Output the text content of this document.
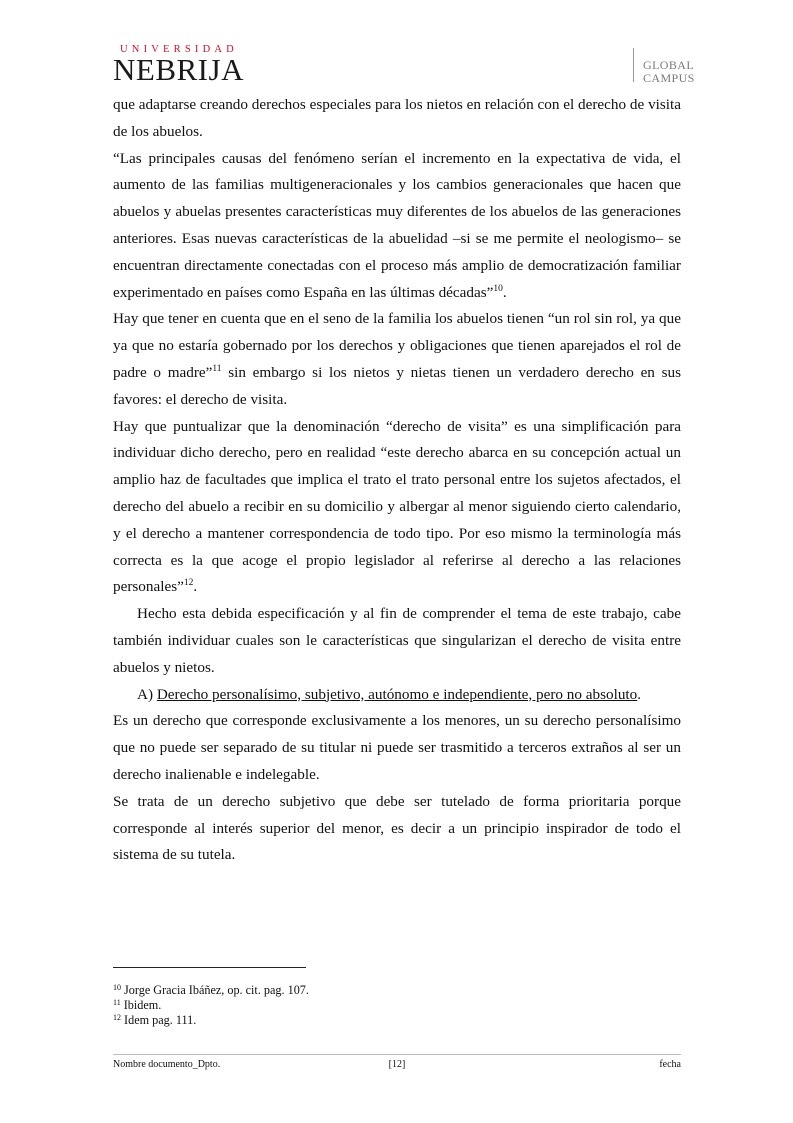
UNIVERSIDAD
NEBRIJA	GLOBAL
CAMPUS

que adaptarse creando derechos especiales para los nietos en relación con el derecho de visita de los abuelos.

“Las principales causas del fenómeno serían el incremento en la expectativa de vida, el aumento de las familias multigeneracionales y los cambios generacionales que hacen que abuelos y abuelas presentes características muy diferentes de los abuelos de las generaciones anteriores. Esas nuevas características de la abuelidad –si se me permite el neologismo– se encuentran directamente conectadas con el proceso más amplio de democratización familiar experimentado en países como España en las últimas décadas”$^{10}$.

Hay que tener en cuenta que en el seno de la familia los abuelos tienen “un rol sin rol, ya que ya que no estaría gobernado por los derechos y obligaciones que tienen aparejados el rol de padre o madre”$^{11}$ sin embargo si los nietos y nietas tienen un verdadero derecho en sus favores: el derecho de visita.

Hay que puntualizar que la denominación “derecho de visita” es una simplificación para individuar dicho derecho, pero en realidad “este derecho abarca en su concepción actual un amplio haz de facultades que implica el trato el trato personal entre los sujetos afectados, el derecho del abuelo a recibir en su domicilio y albergar al menor siguiendo cierto calendario, y el derecho a mantener correspondencia de todo tipo. Por eso mismo la terminología más correcta es la que acoge el propio legislador al referirse al derecho a las relaciones personales”$^{12}$.

Hecho esta debida especificación y al fin de comprender el tema de este trabajo, cabe también individuar cuales son le características que singularizan el derecho de visita entre abuelos y nietos.

A) Derecho personalísimo, subjetivo, autónomo e independiente, pero no absoluto.

Es un derecho que corresponde exclusivamente a los menores, un su derecho personalísimo que no puede ser separado de su titular ni puede ser trasmitido a terceros extraños al ser un derecho inalienable e indelegable.

Se trata de un derecho subjetivo que debe ser tutelado de forma prioritaria porque corresponde al interés superior del menor, es decir a un principio inspirador de todo el sistema de su tutela.

$^{10}$ Jorge Gracia Ibáñez, op. cit. pag. 107.
$^{11}$ Ibidem.
$^{12}$ Idem pag. 111.
Nombre documento_Dpto.	[12]	fecha
